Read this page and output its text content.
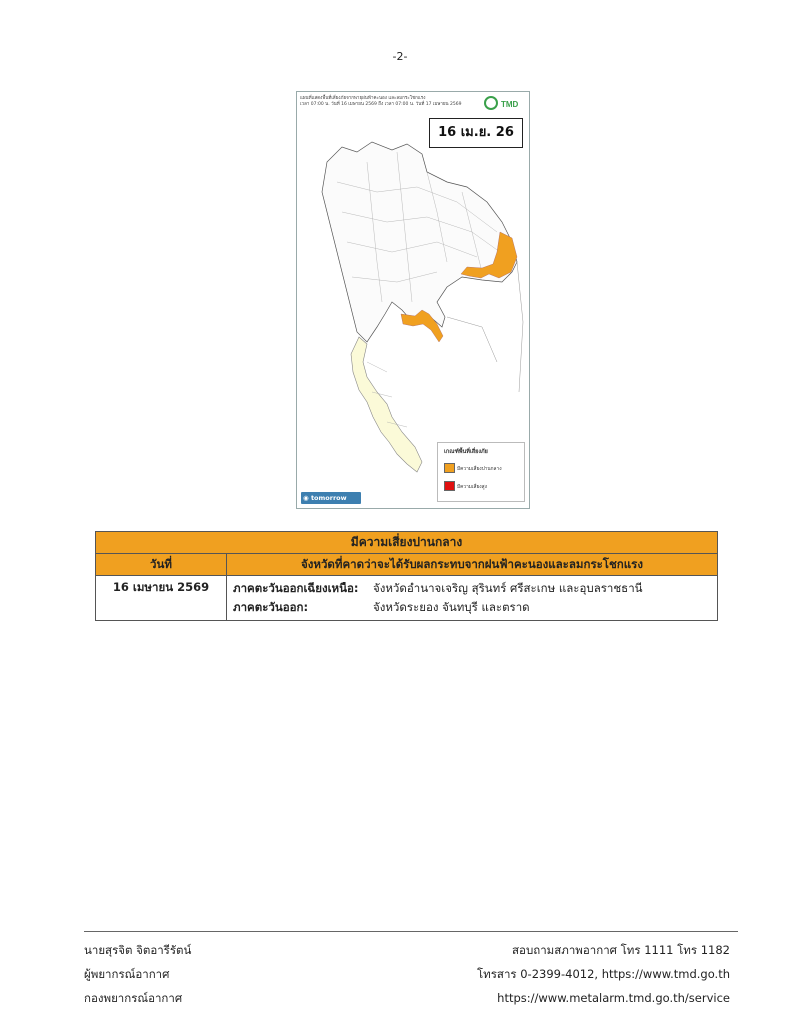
-2-
แผนที่แสดงพื้นที่เสี่ยงภัยจากพายุฝนฟ้าคะนอง และลมกระโชกแรง
เวลา 07:00 น. วันที่ 16 เมษายน 2569 ถึง เวลา 07:00 น. วันที่ 17 เมษายน 2569	TMD
16 เม.ย. 26
เกณฑ์พื้นที่เสี่ยงภัย
มีความเสี่ยงปานกลาง
มีความเสี่ยงสูง
◉ tomorrow
มีความเสี่ยงปานกลาง	
วันที่	จังหวัดที่คาดว่าจะได้รับผลกระทบจากฝนฟ้าคะนองและลมกระโชกแรง
16 เมษายน 2569	ภาคตะวันออกเฉียงเหนือ: จังหวัดอำนาจเจริญ สุรินทร์ ศรีสะเกษ และอุบลราชธานี
ภาคตะวันออก: จังหวัดระยอง จันทบุรี และตราด
นายสุรจิต จิตอารีรัตน์
ผู้พยากรณ์อากาศ
กองพยากรณ์อากาศ
สอบถามสภาพอากาศ โทร 1111 โทร 1182
โทรสาร 0-2399-4012, https://www.tmd.go.th
https://www.metalarm.tmd.go.th/service
